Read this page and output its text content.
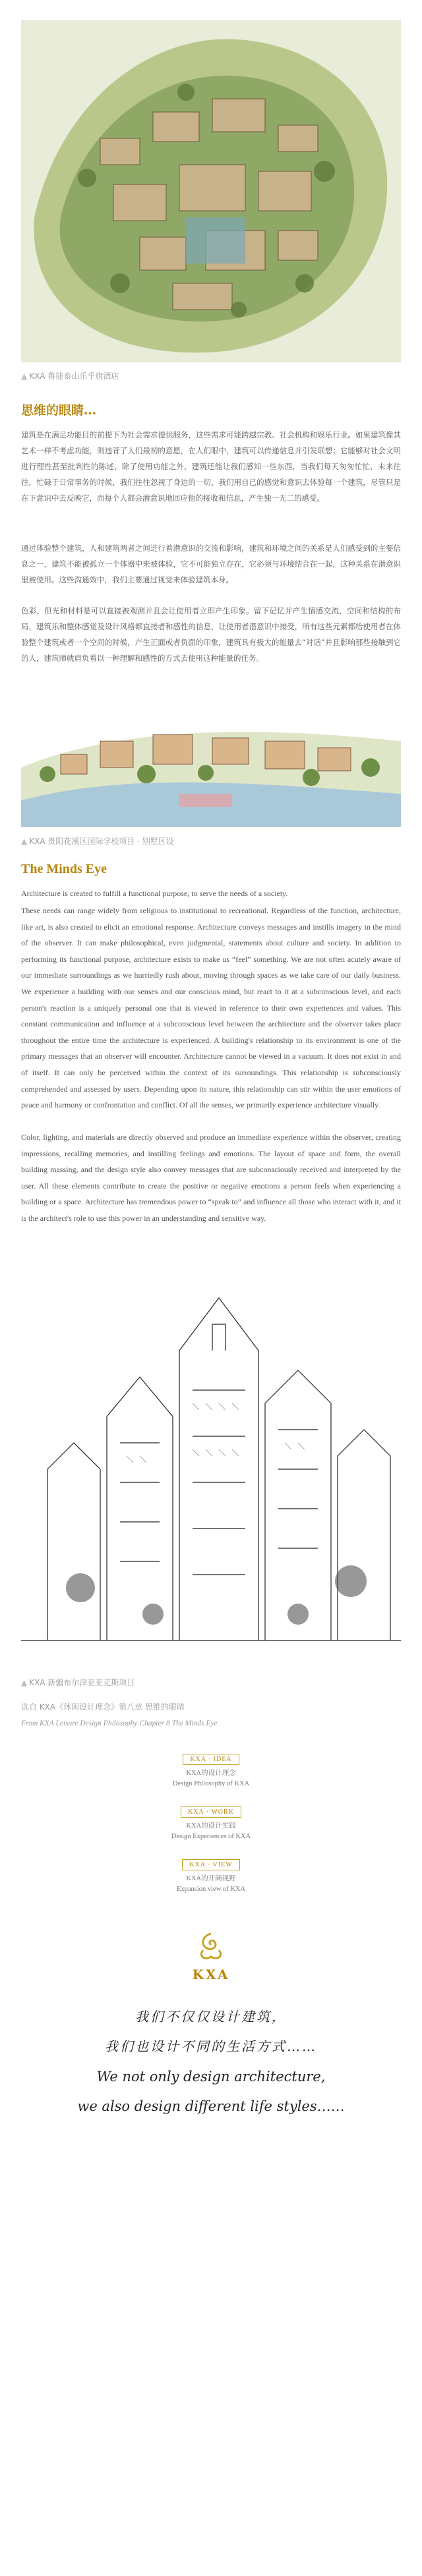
▲ KXA 鲁能泰山乐乎旗酒店
思维的眼睛…
建筑是在满足功能目的前提下为社会需求提供服务，这些需求可能跨越宗教、社会机构和娱乐行业。如果建筑像其艺术一样不考虑功能，则违背了人们最初的意愿，在人们眼中，建筑可以传递信息并引发联想；它能够对社会文明进行理性甚至批判性的陈述，除了使用功能之外，建筑还能让我们感知一些东西，当我们每天匆匆忙忙，未来往往，忙碌于日常事务的时候，我们往往忽视了身边的一切，我们用自己的感觉和意识去体验每一个建筑，尽管只是在下意识中去反映它，而每个人都会潜意识地回应他的接收和信息，产生独一无二的感受。
通过体验整个建筑，人和建筑两者之间进行着潜意识的交流和影响，建筑和环境之间的关系是人们感受到的主要信息之一，建筑不能被孤立一个体器中来被体验，它不可能独立存在，它必须与环境结合在一起，这种关系在潜意识里被使用。这些沟通效中，我们主要通过视觉来体验建筑本身。
色彩，但光和材料是可以直接被观测并且会让使用者立即产生印象。留下记忆并产生情感交流，空间和结构的布局，建筑乐和整体感觉及设计风格都直接者和感性的信息，让使用者潜意识中接受，所有这些元素都给使用者在体验整个建筑或者一个空间的时候，产生正面或者负面的印象，建筑具有极大的能量去“对话”并且影响那些接触到它的人，建筑师就肩负着以一种理解和感性的方式去使用这种能量的任务。
▲ KXA 贵阳花溪区国际学校项目 · 别墅区设
The Minds Eye
Architecture is created to fulfill a functional purpose, to serve the needs of a society.
These needs can range widely from religious to institutional to recreational. Regardless of the function, architecture, like art, is also created to elicit an emotional response. Architecture conveys messages and instills imagery in the mind of the observer. It can make philosophical, even judgmental, statements about culture and society. In addition to performing its functional purpose, architecture exists to make us “feel” something. We are not often acutely aware of our immediate surroundings as we hurriedly rush about, moving through spaces as we take care of our daily business. We experience a building with our senses and our conscious mind, but react to it at a subconscious level, and each person's reaction is a uniquely personal one that is viewed in reference to their own experiences and values. This constant communication and influence at a subconscious level between the architecture and the observer takes place throughout the entire time the architecture is experienced. A building's relationship to its environment is one of the primary messages that an observer will encounter. Architecture cannot be viewed in a vacuum. It does not exist in and of itself. It can only be perceived within the context of its surroundings. This relationship is subconsciously comprehended and assessed by users. Depending upon its nature, this relationship can stir within the user emotions of peace and harmony or confrontation and conflict. Of all the senses, we primarily experience architecture visually.
Color, lighting, and materials are directly observed and produce an immediate experience within the observer, creating impressions, recalling memories, and instilling feelings and emotions. The layout of space and form, the overall building massing, and the design style also convey messages that are subconsciously received and interpreted by the user. All these elements contribute to create the positive or negative emotions a person feels when experiencing a building or a space. Architecture has tremendous power to “speak to” and influence all those who interact with it, and it is the architect's role to use this power in an understanding and sensitive way.
▲ KXA 新疆布尔津亚亚克斯项目
选自 KXA《休闲设计理念》第八章 思维的眼睛
From KXA Leisure Design Philosophy Chapter 8 The Minds Eye
KXA · IDEA
KXA的设计理念
Design Philosophy of KXA
KXA · WORK
KXA的设计实践
Design Experiences of KXA
KXA · VIEW
KXA的开阔视野
Expansion view of KXA
KXA
我们不仅仅设计建筑，
我们也设计不同的生活方式……
We not only design architecture,
we also design different life styles……
